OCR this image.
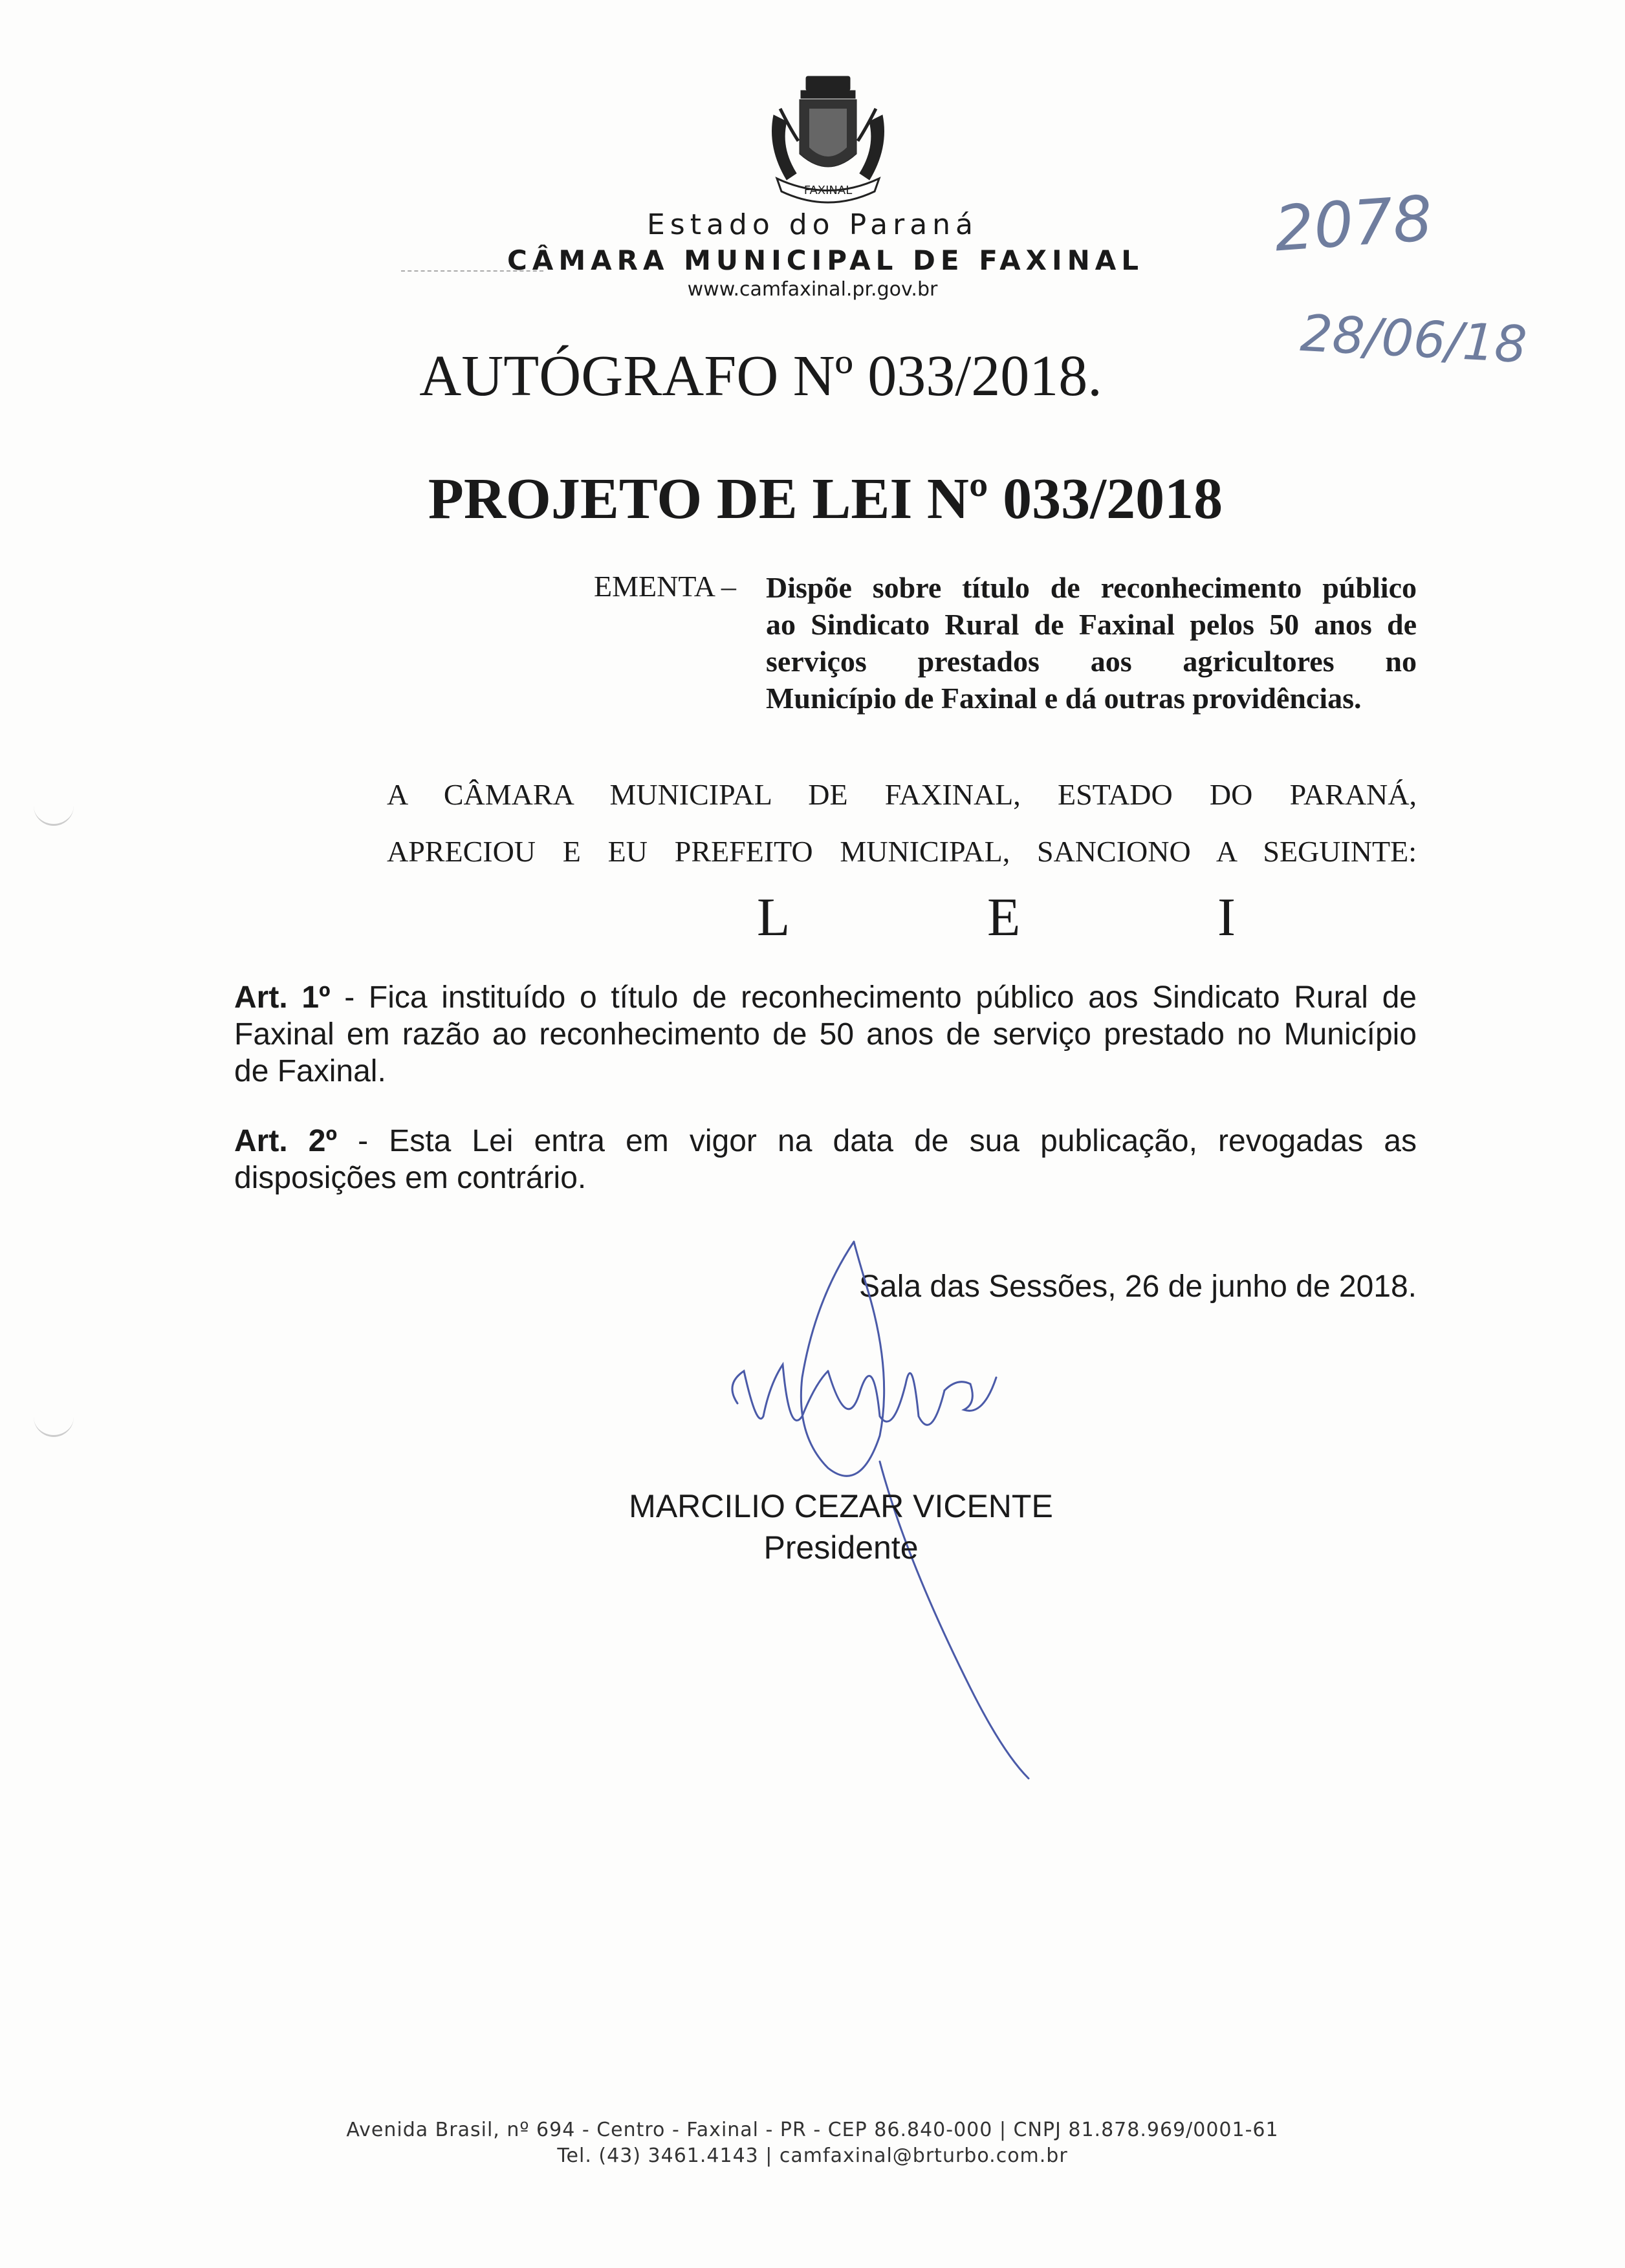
FAXINAL
Estado do Paraná
CÂMARA MUNICIPAL DE FAXINAL
www.camfaxinal.pr.gov.br
2078
28/06/18
AUTÓGRAFO Nº 033/2018.
PROJETO DE LEI Nº 033/2018
EMENTA – Dispõe sobre título de reconhecimento público
ao Sindicato Rural de Faxinal pelos 50 anos de
serviços prestados aos agricultores no
Município de Faxinal e dá outras providências.
A CÂMARA MUNICIPAL DE FAXINAL, ESTADO DO PARANÁ,
APRECIOU E EU PREFEITO MUNICIPAL, SANCIONO A SEGUINTE:
L	E	I
Art. 1º - Fica instituído o título de reconhecimento público aos Sindicato Rural de
Faxinal em razão ao reconhecimento de 50 anos de serviço prestado no Município
de Faxinal.
Art. 2º - Esta Lei entra em vigor na data de sua publicação, revogadas as
disposições em contrário.
Sala das Sessões, 26 de junho de 2018.
MARCILIO CEZAR VICENTE
Presidente
Avenida Brasil, nº 694 - Centro - Faxinal - PR - CEP 86.840-000 | CNPJ 81.878.969/0001-61
Tel. (43) 3461.4143 | camfaxinal@brturbo.com.br
